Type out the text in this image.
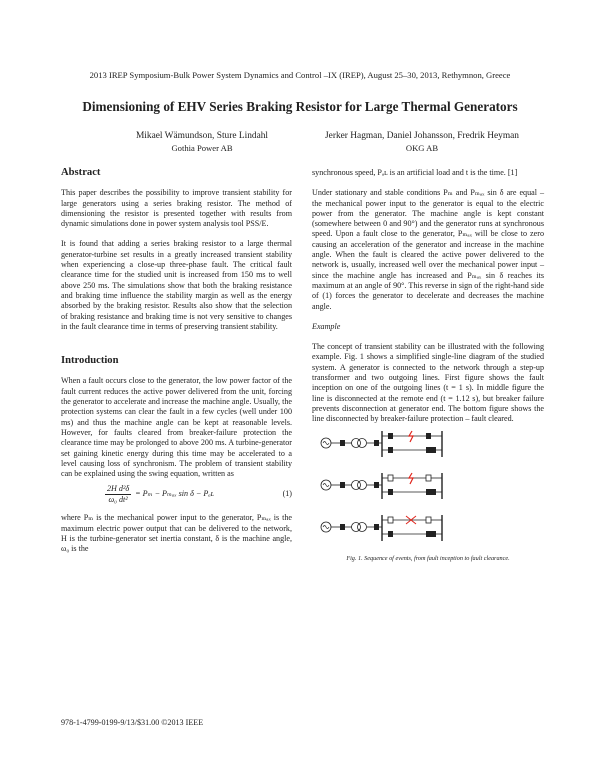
2013 IREP Symposium-Bulk Power System Dynamics and Control –IX (IREP), August 25–30, 2013, Rethymnon, Greece
Dimensioning of EHV Series Braking Resistor for Large Thermal Generators
Mikael Wämundson, Sture Lindahl
Gothia Power AB
Jerker Hagman, Daniel Johansson, Fredrik Heyman
OKG AB
Abstract

This paper describes the possibility to improve transient stability for large generators using a series braking resistor. The method of dimensioning the resistor is presented together with results from dynamic simulations done in power system analysis tool PSS/E.

It is found that adding a series braking resistor to a large thermal generator-turbine set results in a greatly increased transient stability when experiencing a close-up three-phase fault. The critical fault clearance time for the studied unit is increased from 150 ms to well above 250 ms. The simulations show that both the braking resistance and braking time influence the stability margin as well as the energy absorbed by the braking resistor. Results also show that the selection of braking resistance and braking time is not very sensitive to changes in the fault clearance time in terms of preserving transient stability.

Introduction

When a fault occurs close to the generator, the low power factor of the fault current reduces the active power delivered from the unit, forcing the generator to accelerate and increase the machine angle. Usually, the protection systems can clear the fault in a few cycles (well under 100 ms) and thus the machine angle can be kept at reasonable levels. However, for faults cleared from breaker-failure protection the clearance time may be prolonged to above 200 ms. A turbine-generator set gaining kinetic energy during this time may be accelerated to a level causing loss of synchronism. The problem of transient stability can be explained using the swing equation, written as

$\frac{\text{2H d²δ}}{\text{ω₀ dt²}} = P_m - P_{max}$ sin δ − Pₐʟ	(1)

where Pₘ is the mechanical power input to the generator, Pₘₐₓ is the maximum electric power output that can be delivered to the network, H is the turbine-generator set inertia constant, δ is the machine angle, ω₀ is the

synchronous speed, Pₐʟ is an artificial load and t is the time. [1]

Under stationary and stable conditions Pₘ and Pₘₐₓ sin δ are equal – the mechanical power input to the generator is equal to the electric power from the generator. The machine angle is kept constant (somewhere between 0 and 90°) and the generator runs at synchronous speed. Upon a fault close to the generator, Pₘₐₓ will be close to zero causing an acceleration of the generator and increase in the machine angle. When the fault is cleared the active power delivered to the network is, usually, increased well over the mechanical power input – since the machine angle has increased and Pₘₐₓ sin δ reaches its maximum at an angle of 90°. This reverse in sign of the right-hand side of (1) forces the generator to decelerate and decreases the machine angle.

Example

The concept of transient stability can be illustrated with the following example. Fig. 1 shows a simplified single-line diagram of the studied system. A generator is connected to the network through a step-up transformer and two outgoing lines. First figure shows the fault inception on one of the outgoing lines (t = 1 s). In middle figure the line is disconnected at the remote end (t = 1.12 s), but breaker failure prevents disconnection at generator end. The bottom figure shows the line disconnected by breaker-failure protection – fault cleared.

Fig. 1. Sequence of events, from fault inception to fault clearance.
978-1-4799-0199-9/13/$31.00 ©2013 IEEE
